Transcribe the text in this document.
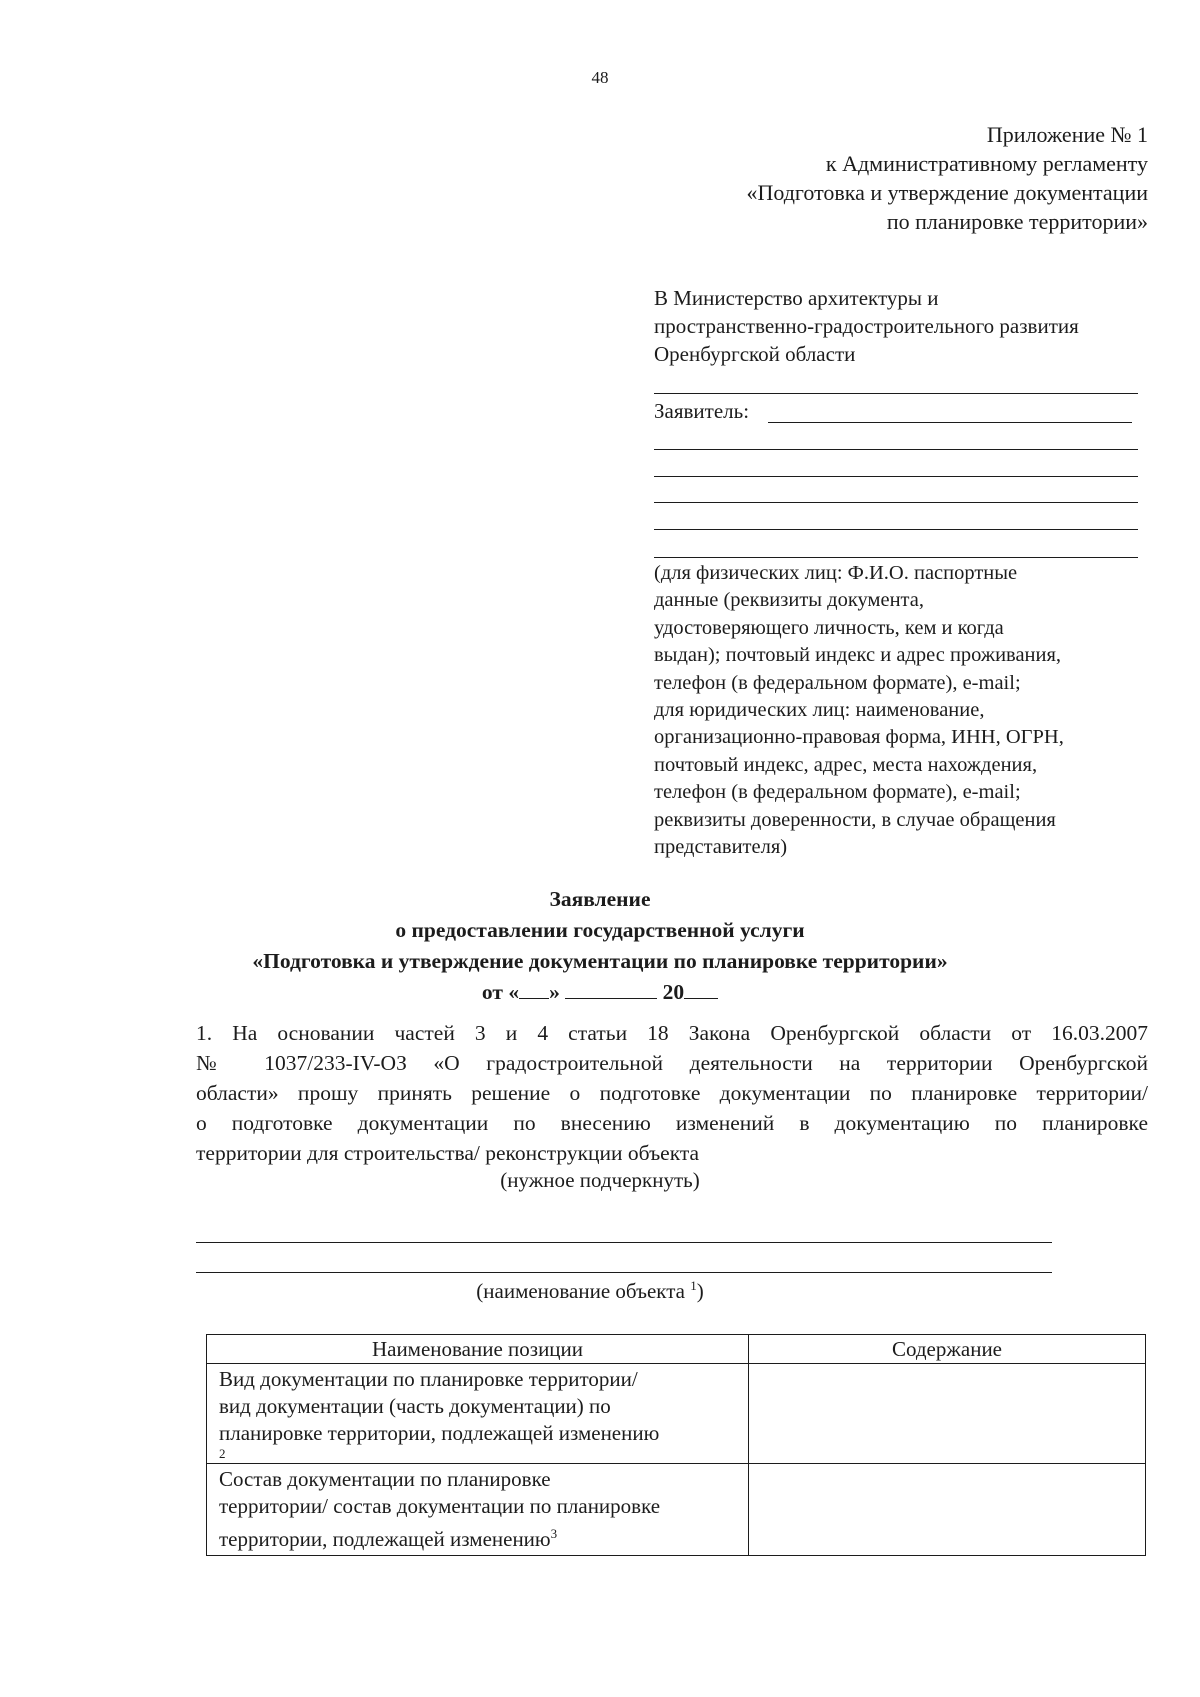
48
Приложение № 1
к Административному регламенту
«Подготовка и утверждение документации
по планировке территории»
В Министерство архитектуры и
пространственно-градостроительного развития
Оренбургской области
Заявитель:
(для физических лиц: Ф.И.О. паспортные
данные (реквизиты документа,
удостоверяющего личность, кем и когда
выдан); почтовый индекс и адрес проживания,
телефон (в федеральном формате), e-mail;
для юридических лиц: наименование,
организационно-правовая форма, ИНН, ОГРН,
почтовый индекс, адрес, места нахождения,
телефон (в федеральном формате), e-mail;
реквизиты доверенности, в случае обращения
представителя)
Заявление
о предоставлении государственной услуги
«Подготовка и утверждение документации по планировке территории»
от « »	20
1. На основании частей 3 и 4 статьи 18 Закона Оренбургской области от 16.03.2007
№ 1037/233-IV-ОЗ «О градостроительной деятельности на территории Оренбургской
области» прошу принять решение о подготовке документации по планировке территории/
о подготовке документации по внесению изменений в документацию по планировке
территории для строительства/ реконструкции объекта
(нужное подчеркнуть)
(наименование объекта $^1$)
Наименование позиции	Содержание

Вид документации по планировке территории/
вид документации (часть документации) по
планировке территории, подлежащей изменению
2	

Состав документации по планировке
территории/ состав документации по планировке
территории, подлежащей изменению$^3$
